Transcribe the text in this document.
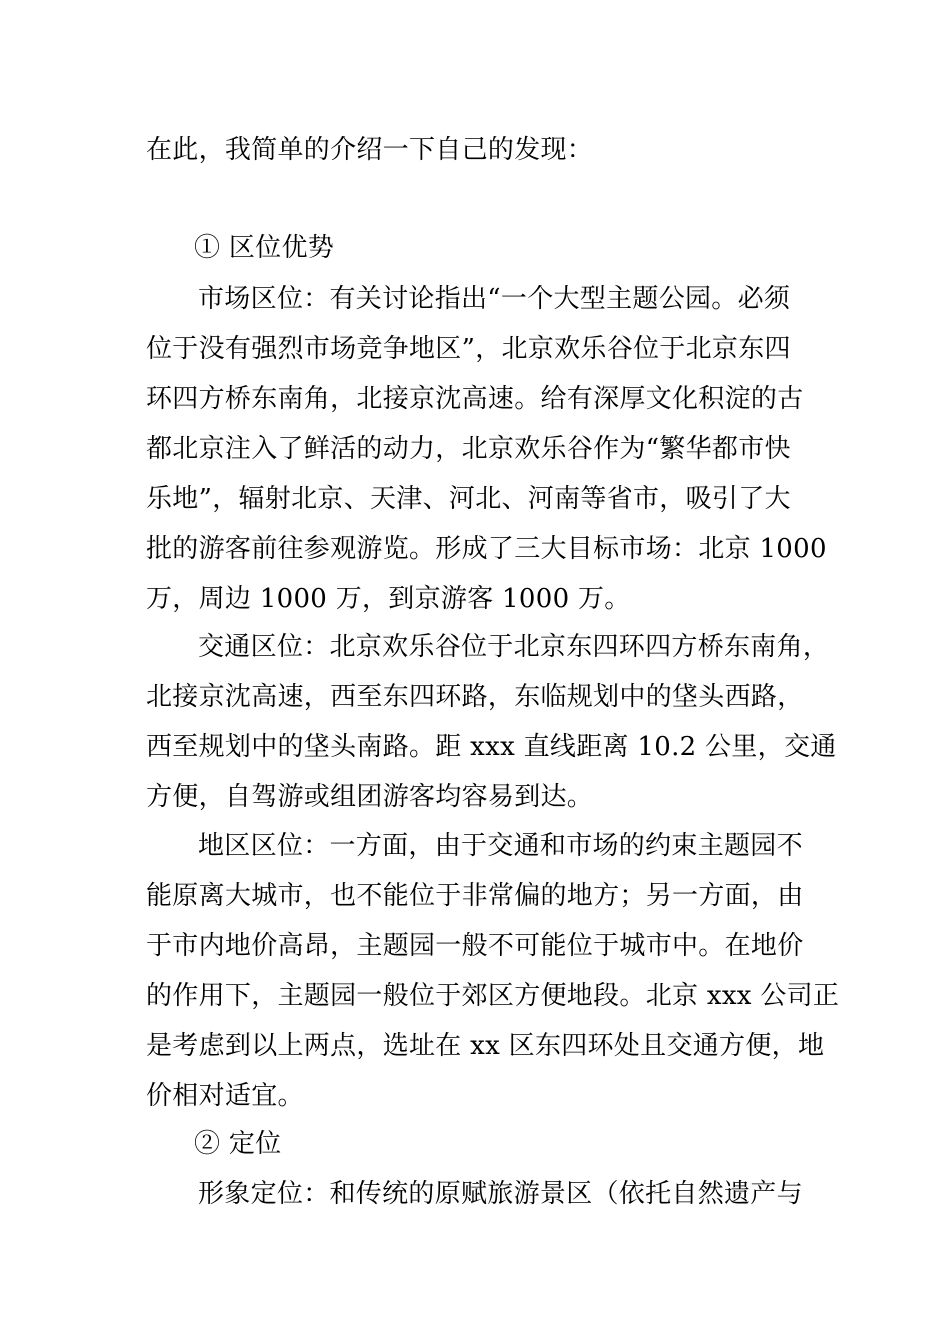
在此，我简单的介绍一下自己的发现：
① 区位优势
市场区位：有关讨论指出“一个大型主题公园。必须
位于没有强烈市场竞争地区”，北京欢乐谷位于北京东四
环四方桥东南角，北接京沈高速。给有深厚文化积淀的古
都北京注入了鲜活的动力，北京欢乐谷作为“繁华都市快
乐地”，辐射北京、天津、河北、河南等省市，吸引了大
批的游客前往参观游览。形成了三大目标市场：北京 1000
万，周边 1000 万，到京游客 1000 万。
交通区位：北京欢乐谷位于北京东四环四方桥东南角，
北接京沈高速，西至东四环路，东临规划中的垡头西路，
西至规划中的垡头南路。距 xxx 直线距离 10.2 公里，交通
方便，自驾游或组团游客均容易到达。
地区区位：一方面，由于交通和市场的约束主题园不
能原离大城市，也不能位于非常偏的地方；另一方面，由
于市内地价高昂，主题园一般不可能位于城市中。在地价
的作用下，主题园一般位于郊区方便地段。北京 xxx 公司正
是考虑到以上两点，选址在 xx 区东四环处且交通方便，地
价相对适宜。
② 定位
形象定位：和传统的原赋旅游景区（依托自然遗产与
